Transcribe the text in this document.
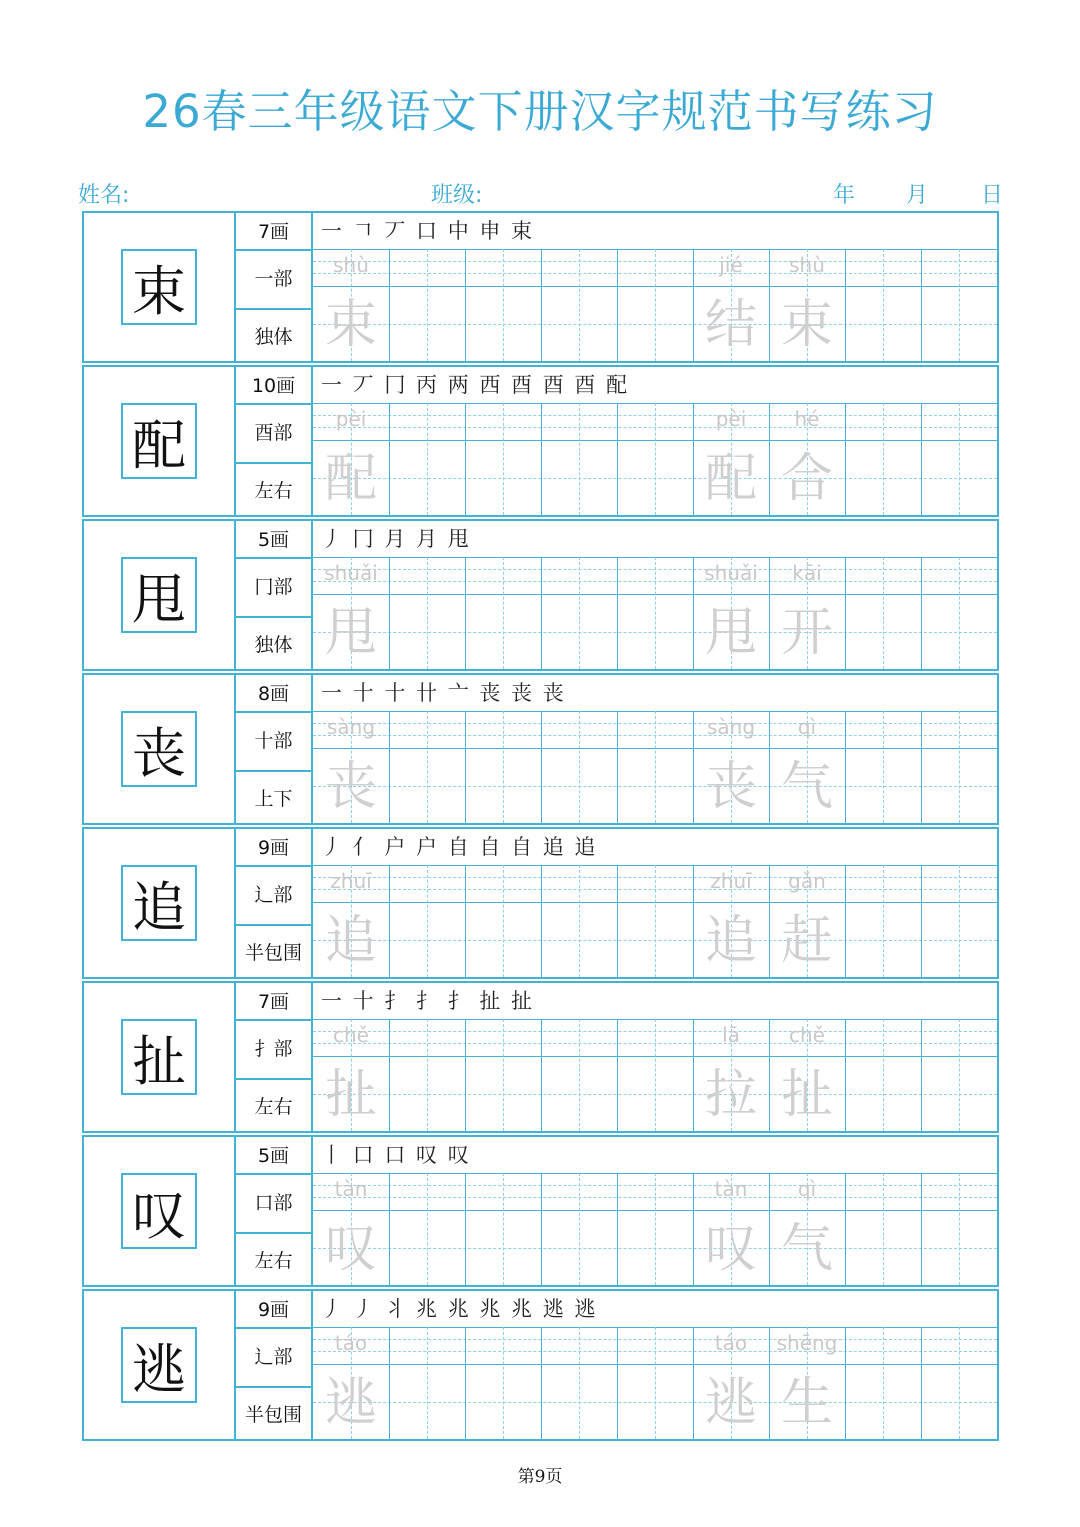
26春三年级语文下册汉字规范书写练习
姓名:	班级:	年 月 日
束
7画
一部
独体
一 𠃍 丆 口 中 申 束
shù
束
jié
结
shù
束
配
10画
酉部
左右
一 丆 冂 丙 两 西 酉 酉 酉 配
pèi
配
pèi
配
hé
合
甩
5画
冂部
独体
丿 冂 月 月 甩
shuǎi
甩
shuǎi
甩
kāi
开
丧
8画
十部
上下
一 十 十 卄 亠 丧 丧 丧
sàng
丧
sàng
丧
qì
气
追
9画
辶部
半包围
丿 亻 户 户 自 自 自 追 追
zhuī
追
zhuī
追
gǎn
赶
扯
7画
扌部
左右
一 十 扌 扌 扌 扯 扯
chě
扯
lā
拉
chě
扯
叹
5画
口部
左右
丨 口 口 叹 叹
tàn
叹
tàn
叹
qì
气
逃
9画
辶部
半包围
丿 丿 丬 兆 兆 兆 兆 逃 逃
táo
逃
táo
逃
shēng
生
第9页
